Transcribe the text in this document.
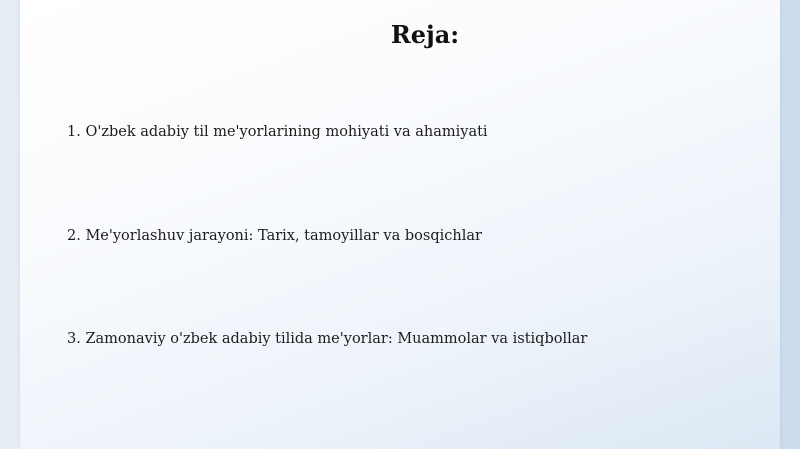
Reja:
1. O'zbek adabiy til me'yorlarining mohiyati va ahamiyati
2. Me'yorlashuv jarayoni: Tarix, tamoyillar va bosqichlar
3. Zamonaviy o'zbek adabiy tilida me'yorlar: Muammolar va istiqbollar
